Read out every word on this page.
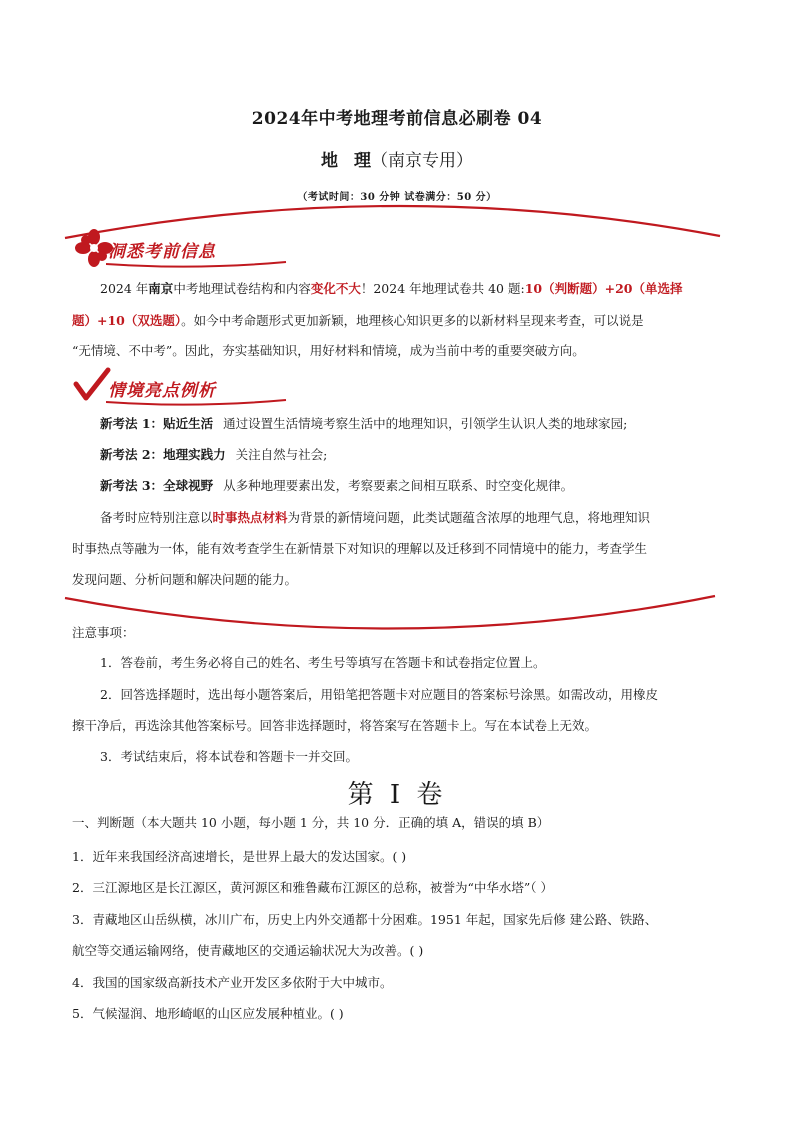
2024年中考地理考前信息必刷卷 04
地 理（南京专用）
（考试时间：30 分钟 试卷满分：50 分）
洞悉考前信息
2024 年南京中考地理试卷结构和内容变化不大！2024 年地理试卷共 40 题:10（判断题）+20（单选择
题）+10（双选题）。如今中考命题形式更加新颖，地理核心知识更多的以新材料呈现来考查，可以说是
“无情境、不中考”。因此，夯实基础知识，用好材料和情境，成为当前中考的重要突破方向。
情境亮点例析
新考法 1：贴近生活 通过设置生活情境考察生活中的地理知识，引领学生认识人类的地球家园;
新考法 2：地理实践力 关注自然与社会;
新考法 3：全球视野 从多种地理要素出发，考察要素之间相互联系、时空变化规律。
备考时应特别注意以时事热点材料为背景的新情境问题，此类试题蕴含浓厚的地理气息，将地理知识
时事热点等融为一体，能有效考查学生在新情景下对知识的理解以及迁移到不同情境中的能力，考查学生
发现问题、分析问题和解决问题的能力。
注意事项：
1．答卷前，考生务必将自己的姓名、考生号等填写在答题卡和试卷指定位置上。
2．回答选择题时，选出每小题答案后，用铅笔把答题卡对应题目的答案标号涂黑。如需改动，用橡皮
擦干净后，再选涂其他答案标号。回答非选择题时，将答案写在答题卡上。写在本试卷上无效。
3．考试结束后，将本试卷和答题卡一并交回。
第 I 卷
一、判断题（本大题共 10 小题，每小题 1 分，共 10 分．正确的填 A，错误的填 B）
1．近年来我国经济高速增长，是世界上最大的发达国家。( )
2．三江源地区是长江源区，黄河源区和雅鲁藏布江源区的总称，被誉为“中华水塔”（ ）
3．青藏地区山岳纵横，冰川广布，历史上内外交通都十分困难。1951 年起，国家先后修 建公路、铁路、
航空等交通运输网络，使青藏地区的交通运输状况大为改善。( )
4．我国的国家级高新技术产业开发区多依附于大中城市。
5．气候湿润、地形崎岖的山区应发展种植业。( )
